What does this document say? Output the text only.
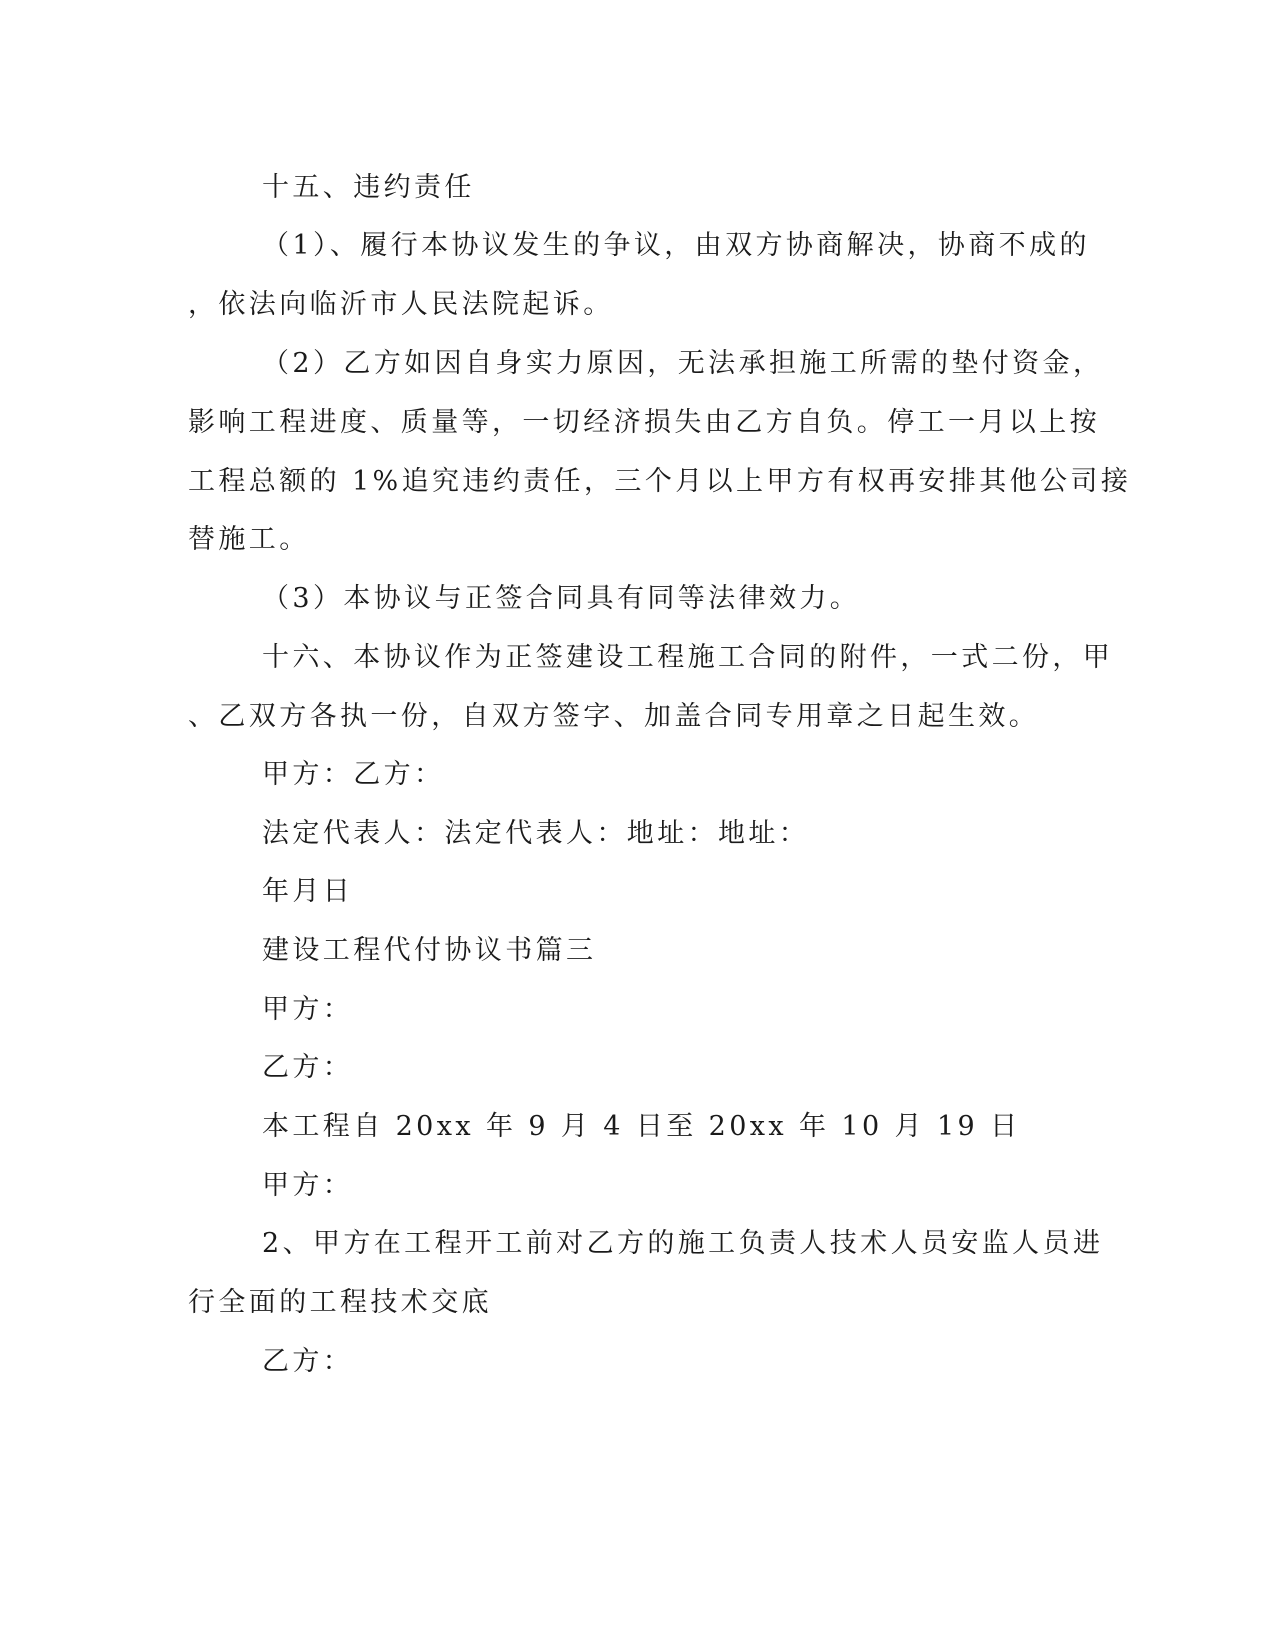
十五、违约责任
（1）、履行本协议发生的争议，由双方协商解决，协商不成的
，依法向临沂市人民法院起诉。
（2）乙方如因自身实力原因，无法承担施工所需的垫付资金，
影响工程进度、质量等，一切经济损失由乙方自负。停工一月以上按
工程总额的 1%追究违约责任，三个月以上甲方有权再安排其他公司接
替施工。
（3）本协议与正签合同具有同等法律效力。
十六、本协议作为正签建设工程施工合同的附件，一式二份，甲
、乙双方各执一份，自双方签字、加盖合同专用章之日起生效。
甲方：乙方：
法定代表人：法定代表人：地址：地址：
年月日
建设工程代付协议书篇三
甲方：
乙方：
本工程自 20xx 年 9 月 4 日至 20xx 年 10 月 19 日
甲方：
2、甲方在工程开工前对乙方的施工负责人技术人员安监人员进
行全面的工程技术交底
乙方：
